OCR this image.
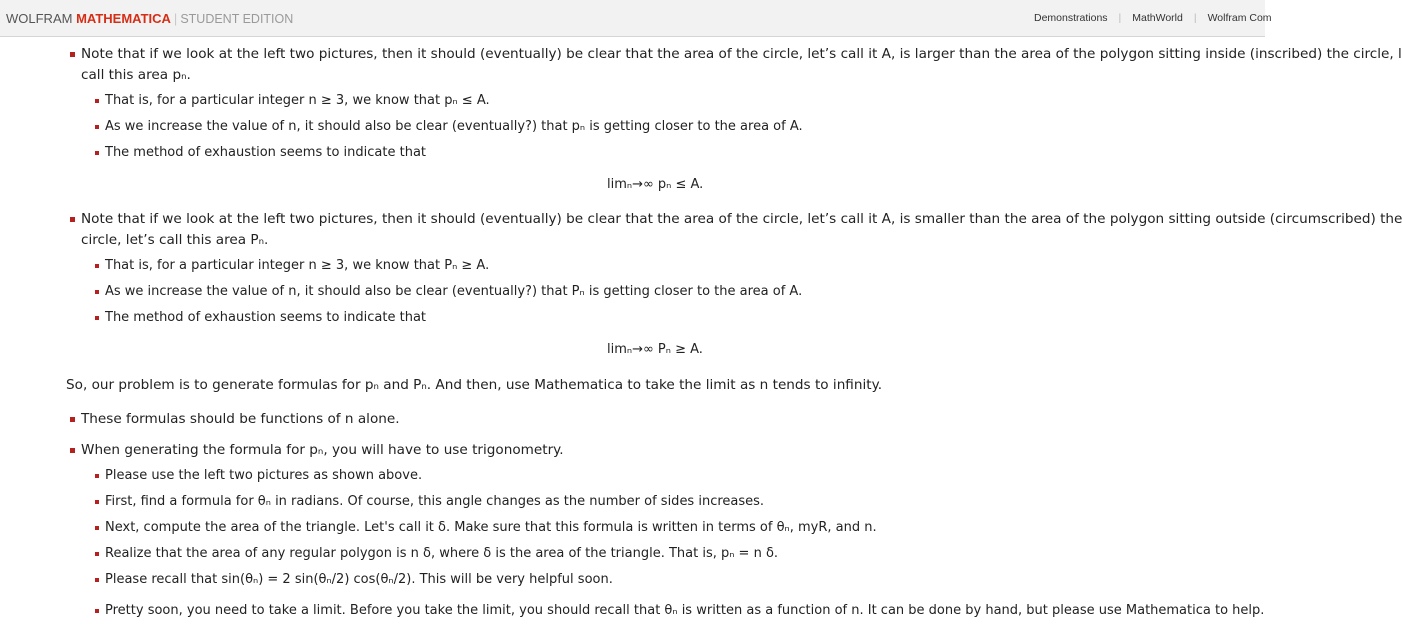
WOLFRAM MATHEMATICA | STUDENT EDITION	Demonstrations | MathWorld | Wolfram Com
Note that if we look at the left two pictures, then it should (eventually) be clear that the area of the circle, let’s call it A, is larger than the area of the polygon sitting inside (inscribed) the circle, l
call this area pₙ.
That is, for a particular integer n ≥ 3, we know that pₙ ≤ A.
As we increase the value of n, it should also be clear (eventually?) that pₙ is getting closer to the area of A.
The method of exhaustion seems to indicate that
limₙ→∞ pₙ ≤ A.
Note that if we look at the left two pictures, then it should (eventually) be clear that the area of the circle, let’s call it A, is smaller than the area of the polygon sitting outside (circumscribed) the
circle, let’s call this area Pₙ.
That is, for a particular integer n ≥ 3, we know that Pₙ ≥ A.
As we increase the value of n, it should also be clear (eventually?) that Pₙ is getting closer to the area of A.
The method of exhaustion seems to indicate that
limₙ→∞ Pₙ ≥ A.
So, our problem is to generate formulas for pₙ and Pₙ. And then, use Mathematica to take the limit as n tends to infinity.
These formulas should be functions of n alone.
When generating the formula for pₙ, you will have to use trigonometry.
Please use the left two pictures as shown above.
First, find a formula for θₙ in radians. Of course, this angle changes as the number of sides increases.
Next, compute the area of the triangle. Let's call it δ. Make sure that this formula is written in terms of θₙ, myR, and n.
Realize that the area of any regular polygon is n δ, where δ is the area of the triangle. That is, pₙ = n δ.
Please recall that sin(θₙ) = 2 sin(θₙ/2) cos(θₙ/2). This will be very helpful soon.
Pretty soon, you need to take a limit. Before you take the limit, you should recall that θₙ is written as a function of n. It can be done by hand, but please use Mathematica to help.
